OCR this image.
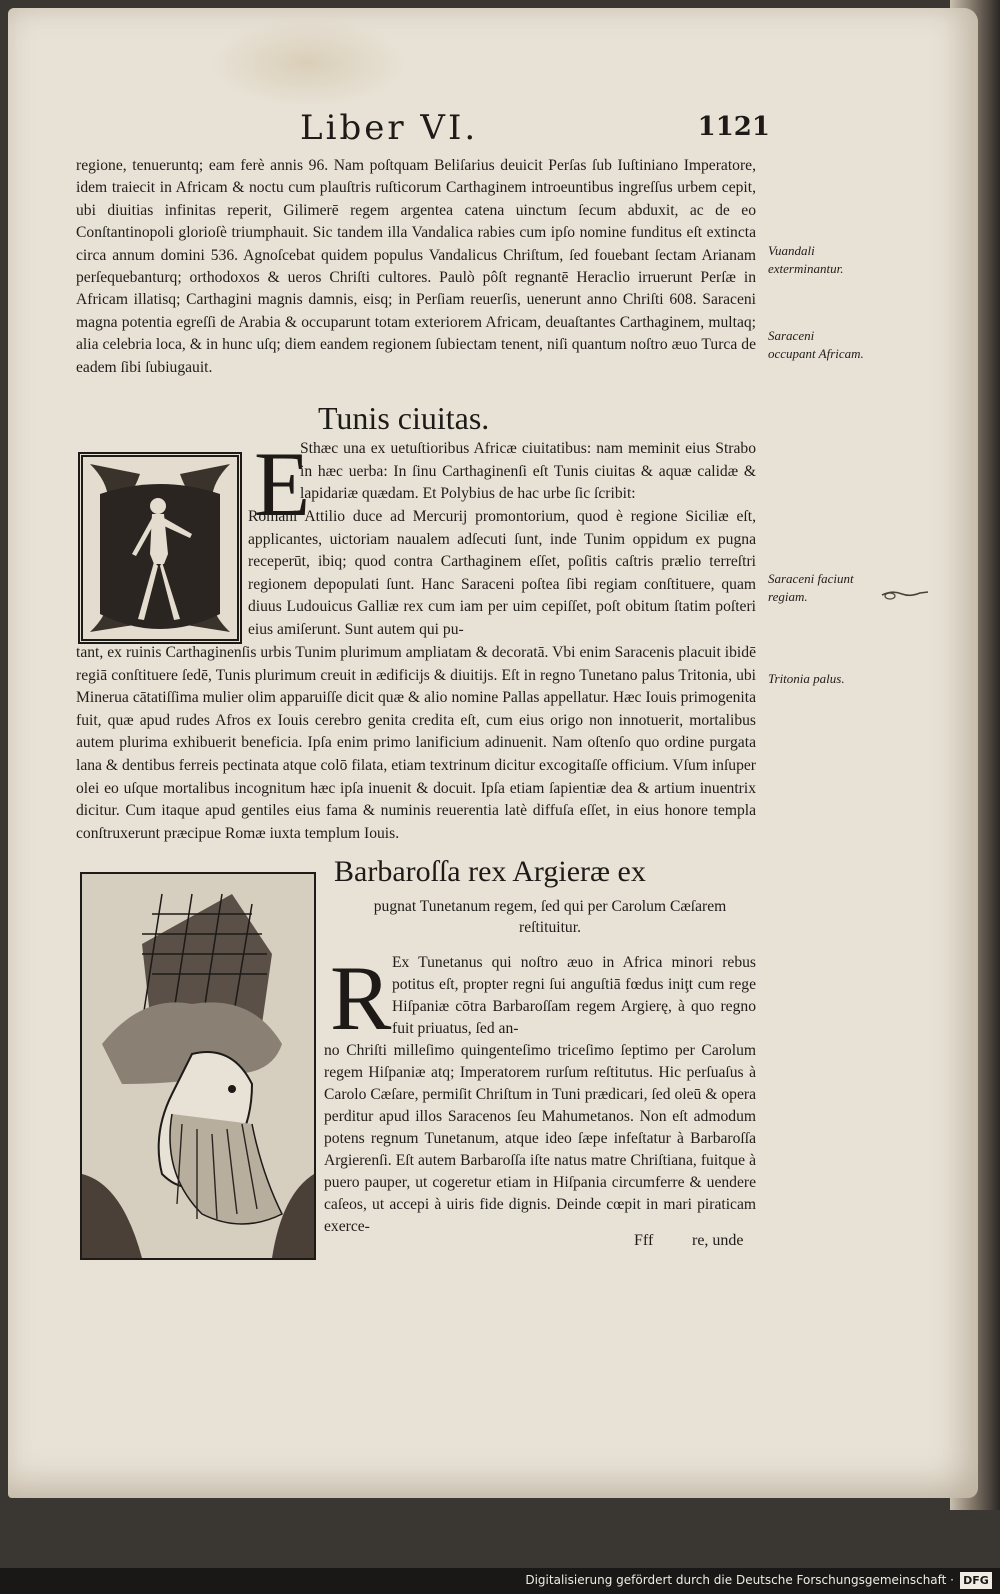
Liber VI.	1121
regione, tenueruntq; eam ferè annis 96. Nam poſtquam Beliſarius deuicit Perſas ſub Iuſtiniano Imperatore, idem traiecit in Africam & noctu cum plauſtris ruſticorum Carthaginem introeuntibus ingreſſus urbem cepit, ubi diuitias infinitas reperit, Gilimerē regem argentea catena uinctum ſecum abduxit, ac de eo Conſtantinopoli glorioſè triumphauit. Sic tandem illa Vandalica rabies cum ipſo nomine funditus eſt extincta circa annum domini 536. Agnoſcebat quidem populus Vandalicus Chriſtum, ſed fouebant ſectam Arianam perſequebanturq; orthodoxos & ueros Chriſti cultores. Paulò pôſt regnantē Heraclio irruerunt Perſæ in Africam illatisq; Carthagini magnis damnis, eisq; in Perſiam reuerſis, uenerunt anno Chriſti 608. Saraceni magna potentia egreſſi de Arabia & occuparunt totam exteriorem Africam, deuaſtantes Carthaginem, multaq; alia celebria loca, & in hunc uſq; diem eandem regionem ſubiectam tenent, niſi quantum noſtro æuo Turca de eadem ſibi ſubiugauit.
Vuandali exterminantur.
Saraceni occupant Africam.
Saraceni faciunt regiam.
Tritonia palus.
Tunis ciuitas.
E
Sthæc una ex uetuſtioribus Africæ ciuitatibus: nam meminit eius Strabo in hæc uerba: In ſinu Carthaginenſi eſt Tunis ciuitas & aquæ calidæ & lapidariæ quædam. Et Polybius de hac urbe ſic ſcribit:
Romani Attilio duce ad Mercurij promontorium, quod è regione Siciliæ eſt, applicantes, uictoriam naualem adſecuti ſunt, inde Tunim oppidum ex pugna receperūt, ibiq; quod contra Carthaginem eſſet, poſitis caſtris prælio terreſtri regionem depopulati ſunt. Hanc Saraceni poſtea ſibi regiam conſtituere, quam diuus Ludouicus Galliæ rex cum iam per uim cepiſſet, poſt obitum ſtatim poſteri eius amiſerunt. Sunt autem qui pu-
tant, ex ruinis Carthaginenſis urbis Tunim plurimum ampliatam & decoratā. Vbi enim Saracenis placuit ibidē regiā conſtituere ſedē, Tunis plurimum creuit in ædificijs & diuitijs. Eſt in regno Tunetano palus Tritonia, ubi Minerua cātatiſſima mulier olim apparuiſſe dicit quæ & alio nomine Pallas appellatur. Hæc Iouis primogenita fuit, quæ apud rudes Afros ex Iouis cerebro genita credita eſt, cum eius origo non innotuerit, mortalibus autem plurima exhibuerit beneficia. Ipſa enim primo lanificium adinuenit. Nam oſtenſo quo ordine purgata lana & dentibus ferreis pectinata atque colō filata, etiam textrinum dicitur excogitaſſe officium. Vſum inſuper olei eo uſque mortalibus incognitum hæc ipſa inuenit & docuit. Ipſa etiam ſapientiæ dea & artium inuentrix dicitur. Cum itaque apud gentiles eius fama & numinis reuerentia latè diffuſa eſſet, in eius honore templa conſtruxerunt præcipue Romæ iuxta templum Iouis.
Barbaroſſa rex Argieræ ex
pugnat Tunetanum regem, ſed qui per Carolum Cæſarem reſtituitur.
R Ex Tunetanus qui noſtro æuo in Africa minori rebus potitus eſt, propter regni ſui anguſtiā fœdus iniţt cum rege Hiſpaniæ cōtra Barbaroſſam regem Argierę, à quo regno fuit priuatus, ſed an-
no Chriſti milleſimo quingenteſimo triceſimo ſeptimo per Carolum regem Hiſpaniæ atq; Imperatorem rurſum reſtitutus. Hic perſuaſus à Carolo Cæſare, permiſit Chriſtum in Tuni prædicari, ſed oleū & opera perditur apud illos Saracenos ſeu Mahumetanos. Non eſt admodum potens regnum Tunetanum, atque ideo ſæpe infeſtatur à Barbaroſſa Argierenſi. Eſt autem Barbaroſſa iſte natus matre Chriſtiana, fuitque à puero pauper, ut cogeretur etiam in Hiſpania circumferre & uendere caſeos, ut accepi à uiris fide dignis. Deinde cœpit in mari piraticam exerce-
Fff re, unde
Digitalisierung gefördert durch die Deutsche Forschungsgemeinschaft · DFG
